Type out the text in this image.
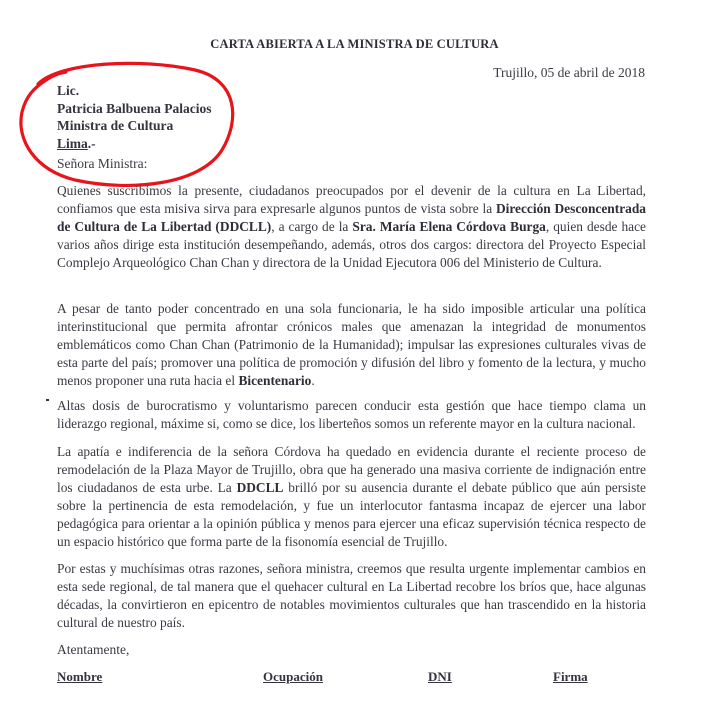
CARTA ABIERTA A LA MINISTRA DE CULTURA
Trujillo, 05 de abril de 2018
Lic.
Patricia Balbuena Palacios
Ministra de Cultura
Lima.-
Señora Ministra:

Quienes suscribimos la presente, ciudadanos preocupados por el devenir de la cultura en La Libertad, confiamos que esta misiva sirva para expresarle algunos puntos de vista sobre la Dirección Desconcentrada de Cultura de La Libertad (DDCLL), a cargo de la Sra. María Elena Córdova Burga, quien desde hace varios años dirige esta institución desempeñando, además, otros dos cargos: directora del Proyecto Especial Complejo Arqueológico Chan Chan y directora de la Unidad Ejecutora 006 del Ministerio de Cultura.

A pesar de tanto poder concentrado en una sola funcionaria, le ha sido imposible articular una política interinstitucional que permita afrontar crónicos males que amenazan la integridad de monumentos emblemáticos como Chan Chan (Patrimonio de la Humanidad); impulsar las expresiones culturales vivas de esta parte del país; promover una política de promoción y difusión del libro y fomento de la lectura, y mucho menos proponer una ruta hacia el Bicentenario.

Altas dosis de burocratismo y voluntarismo parecen conducir esta gestión que hace tiempo clama un liderazgo regional, máxime si, como se dice, los liberteños somos un referente mayor en la cultura nacional.

La apatía e indiferencia de la señora Córdova ha quedado en evidencia durante el reciente proceso de remodelación de la Plaza Mayor de Trujillo, obra que ha generado una masiva corriente de indignación entre los ciudadanos de esta urbe. La DDCLL brilló por su ausencia durante el debate público que aún persiste sobre la pertinencia de esta remodelación, y fue un interlocutor fantasma incapaz de ejercer una labor pedagógica para orientar a la opinión pública y menos para ejercer una eficaz supervisión técnica respecto de un espacio histórico que forma parte de la fisonomía esencial de Trujillo.

Por estas y muchísimas otras razones, señora ministra, creemos que resulta urgente implementar cambios en esta sede regional, de tal manera que el quehacer cultural en La Libertad recobre los bríos que, hace algunas décadas, la convirtieron en epicentro de notables movimientos culturales que han trascendido en la historia cultural de nuestro país.

Atentamente,
Nombre	Ocupación	DNI	Firma
